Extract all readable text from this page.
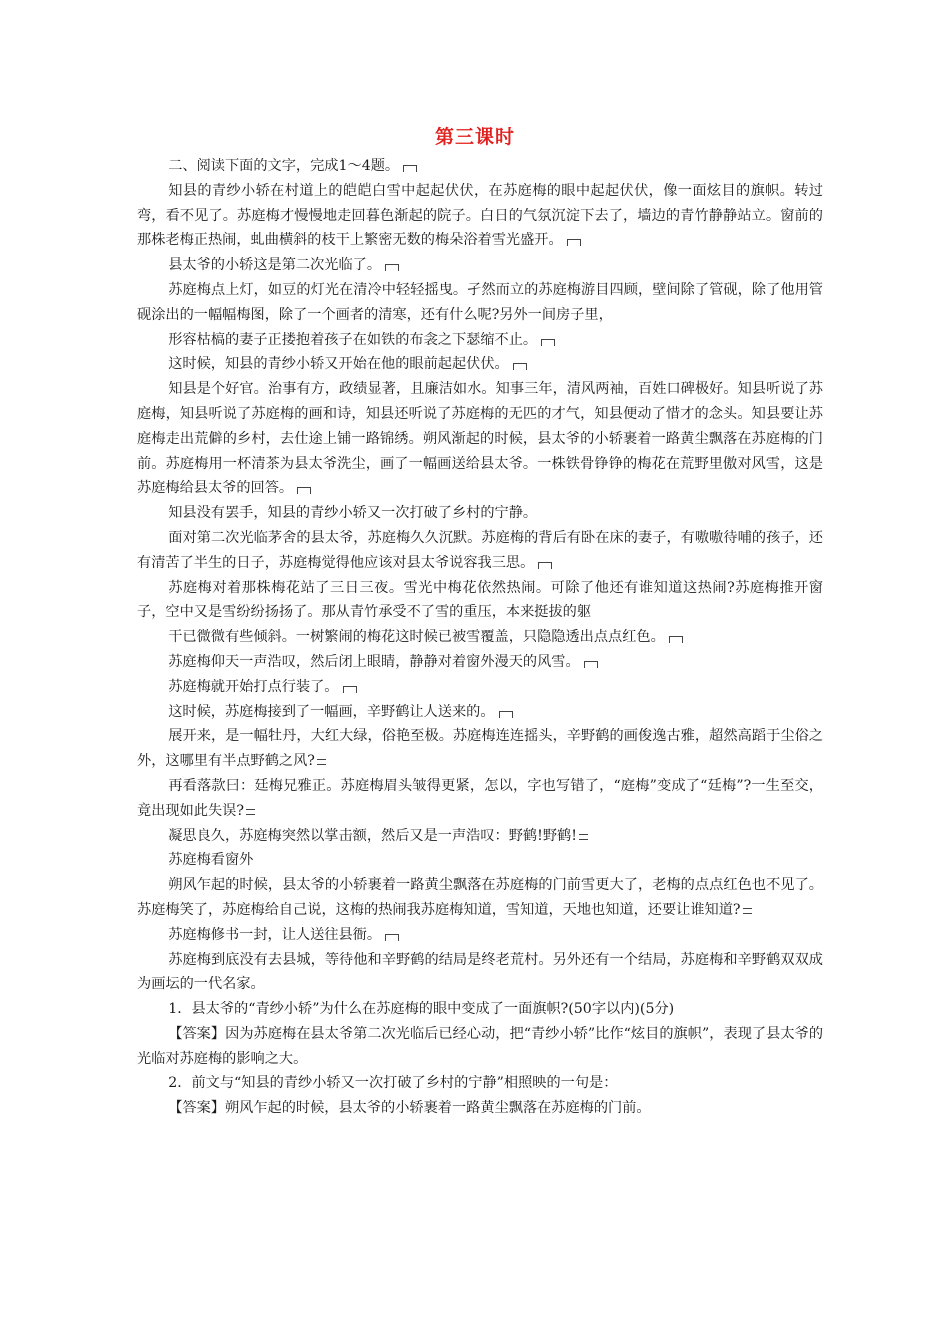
第三课时

二、阅读下面的文字，完成1～4题。

知县的青纱小轿在村道上的皑皑白雪中起起伏伏，在苏庭梅的眼中起起伏伏，像一面炫目的旗帜。转过弯，看不见了。苏庭梅才慢慢地走回暮色渐起的院子。白日的气氛沉淀下去了，墙边的青竹静静站立。窗前的那株老梅正热闹，虬曲横斜的枝干上繁密无数的梅朵浴着雪光盛开。

县太爷的小轿这是第二次光临了。

苏庭梅点上灯，如豆的灯光在清冷中轻轻摇曳。孑然而立的苏庭梅游目四顾，壁间除了管砚，除了他用管砚涂出的一幅幅梅图，除了一个画者的清寒，还有什么呢?另外一间房子里，

形容枯槁的妻子正搂抱着孩子在如铁的布衾之下瑟缩不止。

这时候，知县的青纱小轿又开始在他的眼前起起伏伏。

知县是个好官。治事有方，政绩显著，且廉洁如水。知事三年，清风两袖，百姓口碑极好。知县听说了苏庭梅，知县听说了苏庭梅的画和诗，知县还听说了苏庭梅的无匹的才气，知县便动了惜才的念头。知县要让苏庭梅走出荒僻的乡村，去仕途上铺一路锦绣。朔风渐起的时候，县太爷的小轿裹着一路黄尘飘落在苏庭梅的门前。苏庭梅用一杯清茶为县太爷洗尘，画了一幅画送给县太爷。一株铁骨铮铮的梅花在荒野里傲对风雪，这是苏庭梅给县太爷的回答。

知县没有罢手，知县的青纱小轿又一次打破了乡村的宁静。

面对第二次光临茅舍的县太爷，苏庭梅久久沉默。苏庭梅的背后有卧在床的妻子，有嗷嗷待哺的孩子，还有清苦了半生的日子，苏庭梅觉得他应该对县太爷说容我三思。

苏庭梅对着那株梅花站了三日三夜。雪光中梅花依然热闹。可除了他还有谁知道这热闹?苏庭梅推开窗子，空中又是雪纷纷扬扬了。那从青竹承受不了雪的重压，本来挺拔的躯

干已微微有些倾斜。一树繁闹的梅花这时候已被雪覆盖，只隐隐透出点点红色。

苏庭梅仰天一声浩叹，然后闭上眼睛，静静对着窗外漫天的风雪。

苏庭梅就开始打点行装了。

这时候，苏庭梅接到了一幅画，辛野鹤让人送来的。

展开来，是一幅牡丹，大红大绿，俗艳至极。苏庭梅连连摇头，辛野鹤的画俊逸古雅，超然高蹈于尘俗之外，这哪里有半点野鹤之风?

再看落款曰：廷梅兄雅正。苏庭梅眉头皱得更紧，怎以，字也写错了，“庭梅”变成了“廷梅”?一生至交，竟出现如此失误?

凝思良久，苏庭梅突然以掌击额，然后又是一声浩叹：野鹤!野鹤!

苏庭梅看窗外

朔风乍起的时候，县太爷的小轿裹着一路黄尘飘落在苏庭梅的门前雪更大了，老梅的点点红色也不见了。苏庭梅笑了，苏庭梅给自己说，这梅的热闹我苏庭梅知道，雪知道，天地也知道，还要让谁知道?

苏庭梅修书一封，让人送往县衙。

苏庭梅到底没有去县城，等待他和辛野鹤的结局是终老荒村。另外还有一个结局，苏庭梅和辛野鹤双双成为画坛的一代名家。

1．县太爷的“青纱小轿”为什么在苏庭梅的眼中变成了一面旗帜?(50字以内)(5分)

【答案】因为苏庭梅在县太爷第二次光临后已经心动，把“青纱小轿”比作“炫目的旗帜”，表现了县太爷的光临对苏庭梅的影响之大。

2．前文与“知县的青纱小轿又一次打破了乡村的宁静”相照映的一句是：

【答案】朔风乍起的时候，县太爷的小轿裹着一路黄尘飘落在苏庭梅的门前。
